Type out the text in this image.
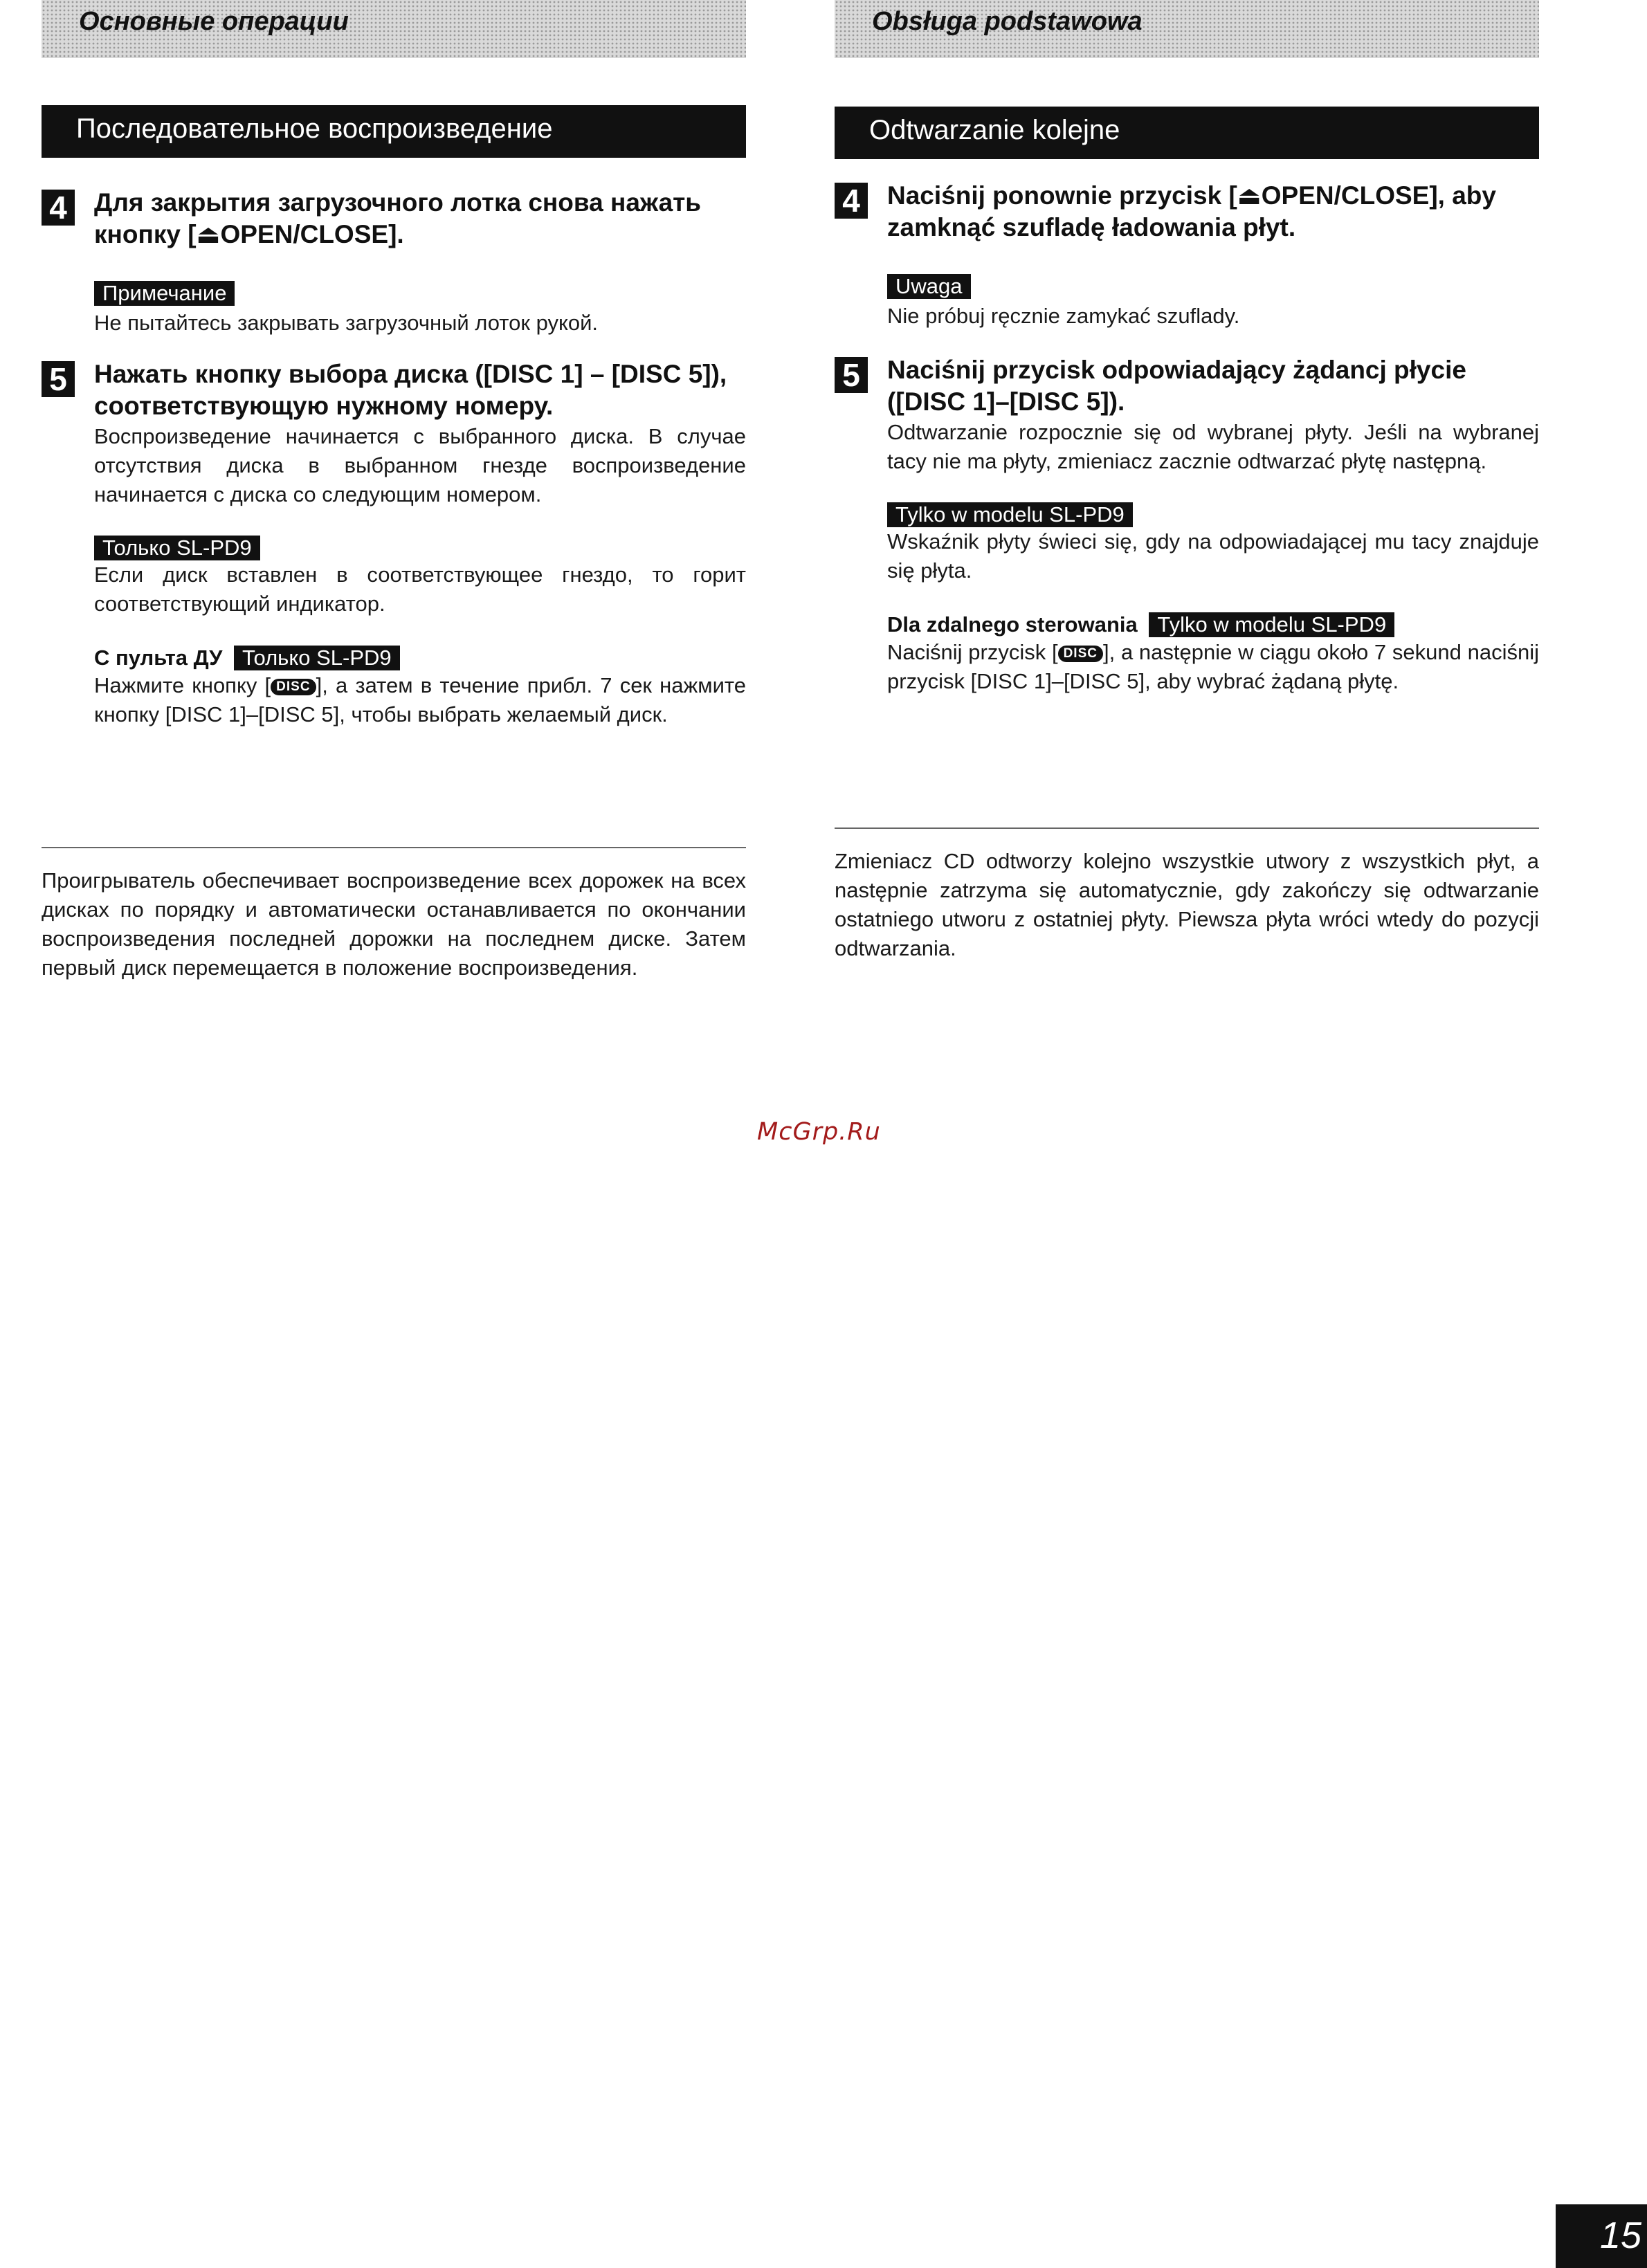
Основные операции
Последовательное воспроизведение
4	Для закрытия загрузочного лотка снова нажать кнопку [⏏OPEN/CLOSE].
Примечание
Не пытайтесь закрывать загрузочный лоток рукой.
5	Нажать кнопку выбора диска ([DISC 1] – [DISC 5]), соответствующую нужному номеру.
Воспроизведение начинается с выбранного диска. В случае отсутствия диска в выбранном гнезде воспроизведение начинается с диска со следующим номером.
Только SL-PD9
Если диск вставлен в соответствующее гнездо, то горит соответствующий индикатор.
С пульта ДУ Только SL-PD9
Нажмите кнопку [ DISC ], а затем в течение прибл. 7 сек нажмите кнопку [DISC 1]–[DISC 5], чтобы выбрать желаемый диск.
Проигрыватель обеспечивает воспроизведение всех дорожек на всех дисках по порядку и автоматически останавливается по окончании воспроизведения последней дорожки на последнем диске. Затем первый диск перемещается в положение воспроизведения.
Obsługa podstawowa
Odtwarzanie kolejne
4	Naciśnij ponownie przycisk [⏏OPEN/CLOSE], aby zamknąć szufladę ładowania płyt.
Uwaga
Nie próbuj ręcznie zamykać szuflady.
5	Naciśnij przycisk odpowiadający żądancj płycie ([DISC 1]–[DISC 5]).
Odtwarzanie rozpocznie się od wybranej płyty. Jeśli na wybranej tacy nie ma płyty, zmieniacz zacznie odtwarzać płytę następną.
Tylko w modelu SL-PD9
Wskaźnik płyty świeci się, gdy na odpowiadającej mu tacy znajduje się płyta.
Dla zdalnego sterowania Tylko w modelu SL-PD9
Naciśnij przycisk [ DISC ], a następnie w ciągu około 7 sekund naciśnij przycisk [DISC 1]–[DISC 5], aby wybrać żądaną płytę.
Zmieniacz CD odtworzy kolejno wszystkie utwory z wszystkich płyt, a następnie zatrzyma się automatycznie, gdy zakończy się odtwarzanie ostatniego utworu z ostatniej płyty. Piewsza płyta wróci wtedy do pozycji odtwarzania.
McGrp.Ru
15
